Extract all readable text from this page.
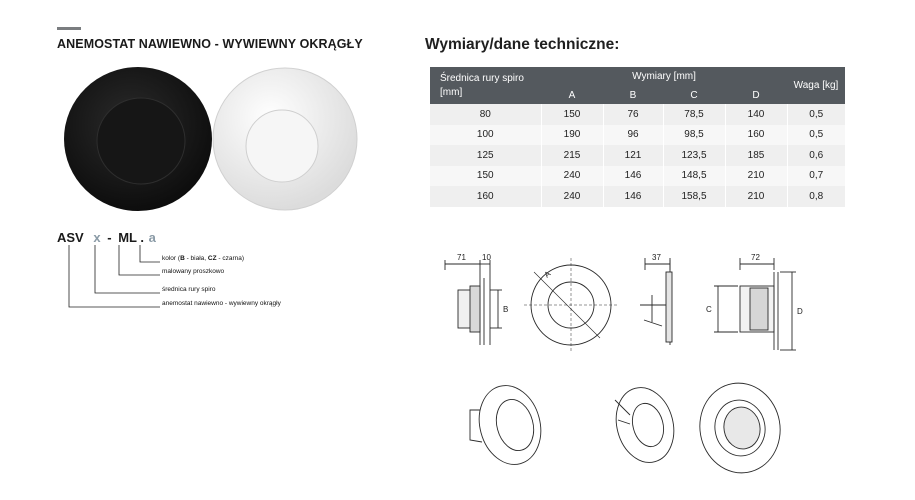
ANEMOSTAT NAWIEWNO - WYWIEWNY OKRĄGŁY
ASV x - ML . a
kolor (B - biała, CZ - czarna)
malowany proszkowo
średnica rury spiro
anemostat nawiewno - wywiewny okrągły
Wymiary/dane techniczne:
Średnica rury spiro [mm]	Wymiary [mm]				Waga [kg]
	A	B	C	D	
80	150	76	78,5	140	0,5
100	190	96	98,5	160	0,5
125	215	121	123,5	185	0,6
150	240	146	148,5	210	0,7
160	240	146	158,5	210	0,8
71 10
A
B
37	72
C	D
